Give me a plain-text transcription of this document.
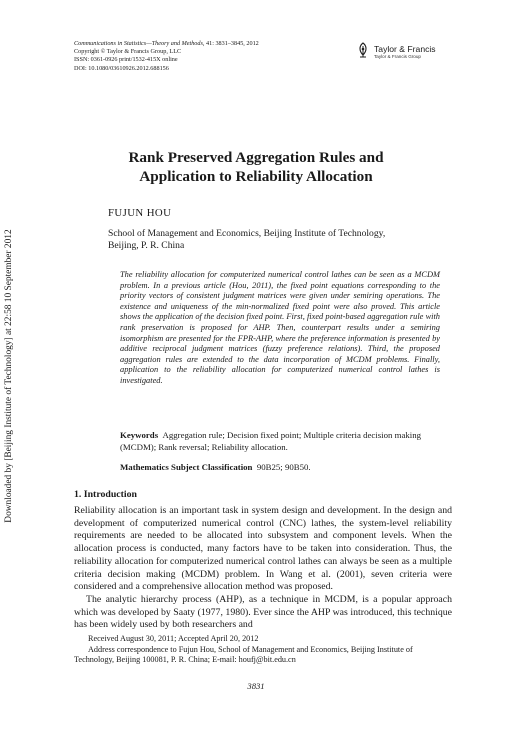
Downloaded by [Beijing Institute of Technology] at 22:58 10 September 2012
Communications in Statistics—Theory and Methods, 41: 3831–3845, 2012
Copyright © Taylor & Francis Group, LLC
ISSN: 0361-0926 print/1532-415X online
DOI: 10.1080/03610926.2012.688156
Taylor & Francis
Taylor & Francis Group
Rank Preserved Aggregation Rules and
Application to Reliability Allocation
FUJUN HOU
School of Management and Economics, Beijing Institute of Technology,
Beijing, P. R. China

The reliability allocation for computerized numerical control lathes can be seen as a MCDM problem. In a previous article (Hou, 2011), the fixed point equations corresponding to the priority vectors of consistent judgment matrices were given under semiring operations. The existence and uniqueness of the min-normalized fixed point were also proved. This article shows the application of the decision fixed point. First, fixed point-based aggregation rule with rank preservation is proposed for AHP. Then, counterpart results under a semiring isomorphism are presented for the FPR-AHP, where the preference information is presented by additive reciprocal judgment matrices (fuzzy preference relations). Third, the proposed aggregation rules are extended to the data incorporation of MCDM problems. Finally, application to the reliability allocation for computerized numerical control lathes is investigated.

Keywords Aggregation rule; Decision fixed point; Multiple criteria decision making (MCDM); Rank reversal; Reliability allocation.
Mathematics Subject Classification 90B25; 90B50.
1. Introduction

Reliability allocation is an important task in system design and development. In the design and development of computerized numerical control (CNC) lathes, the system-level reliability requirements are needed to be allocated into subsystem and component levels. When the allocation process is conducted, many factors have to be taken into consideration. Thus, the reliability allocation for computerized numerical control lathes can always be seen as a multiple criteria decision making (MCDM) problem. In Wang et al. (2001), seven criteria were considered and a comprehensive allocation method was proposed.

The analytic hierarchy process (AHP), as a technique in MCDM, is a popular approach which was developed by Saaty (1977, 1980). Ever since the AHP was introduced, this technique has been widely used by both researchers and

Received August 30, 2011; Accepted April 20, 2012

Address correspondence to Fujun Hou, School of Management and Economics, Beijing Institute of Technology, Beijing 100081, P. R. China; E-mail: houfj@bit.edu.cn

3831
